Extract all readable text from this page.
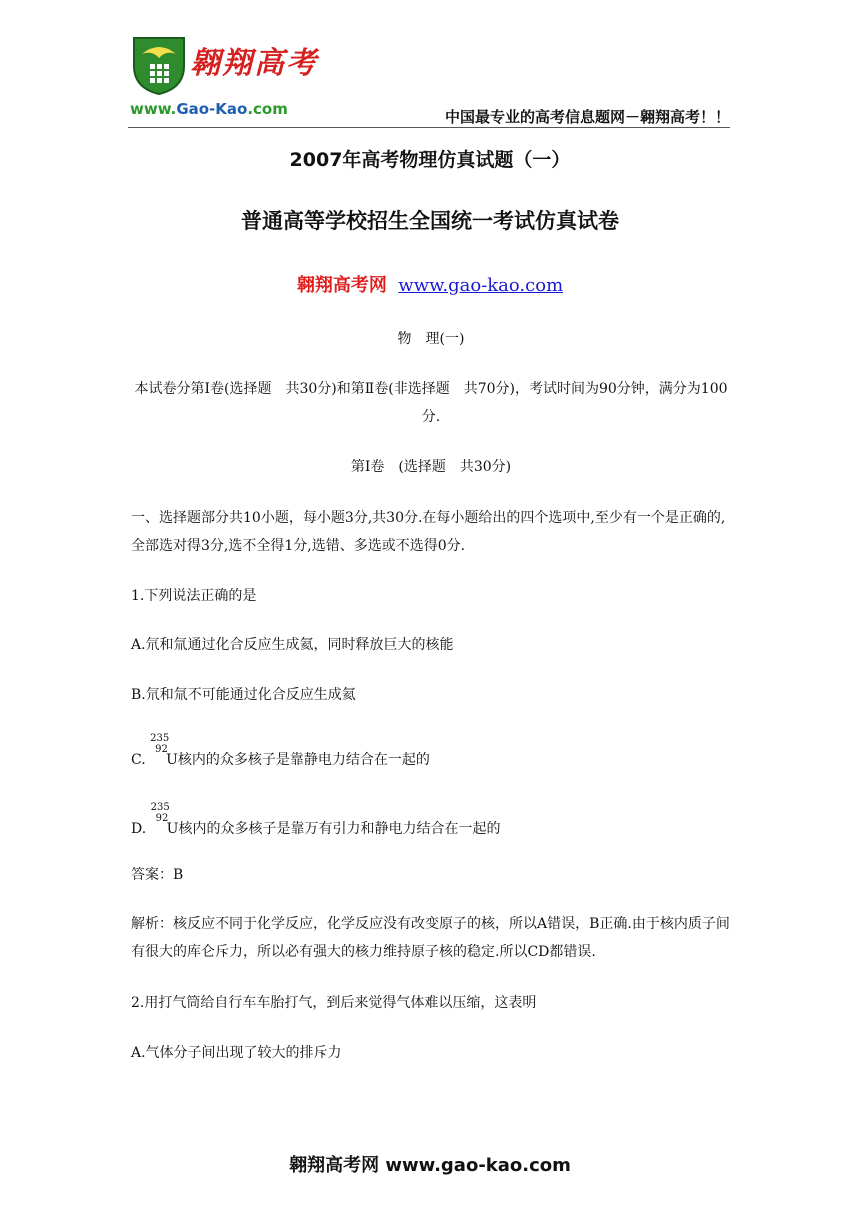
翱翔高考
www.Gao-Kao.com	中国最专业的高考信息题网－翱翔高考！！
2007年高考物理仿真试题（一）
普通高等学校招生全国统一考试仿真试卷
翱翔高考网 www.gao-kao.com
物　理(一)
本试卷分第Ⅰ卷(选择题　共30分)和第Ⅱ卷(非选择题　共70分)，考试时间为90分钟，满分为100分.
第Ⅰ卷　(选择题　共30分)
一、选择题部分共10小题，每小题3分,共30分.在每小题给出的四个选项中,至少有一个是正确的,全部选对得3分,选不全得1分,选错、多选或不选得0分.
1.下列说法正确的是
A.氘和氚通过化合反应生成氦，同时释放巨大的核能
B.氘和氚不可能通过化合反应生成氦
C.
235
92
U核内的众多核子是靠静电力结合在一起的
D.
235
92
U核内的众多核子是靠万有引力和静电力结合在一起的
答案：B
解析：核反应不同于化学反应，化学反应没有改变原子的核，所以A错误，B正确.由于核内质子间有很大的库仑斥力，所以必有强大的核力维持原子核的稳定.所以CD都错误.
2.用打气筒给自行车车胎打气，到后来觉得气体难以压缩，这表明
A.气体分子间出现了较大的排斥力
翱翔高考网 www.gao-kao.com
